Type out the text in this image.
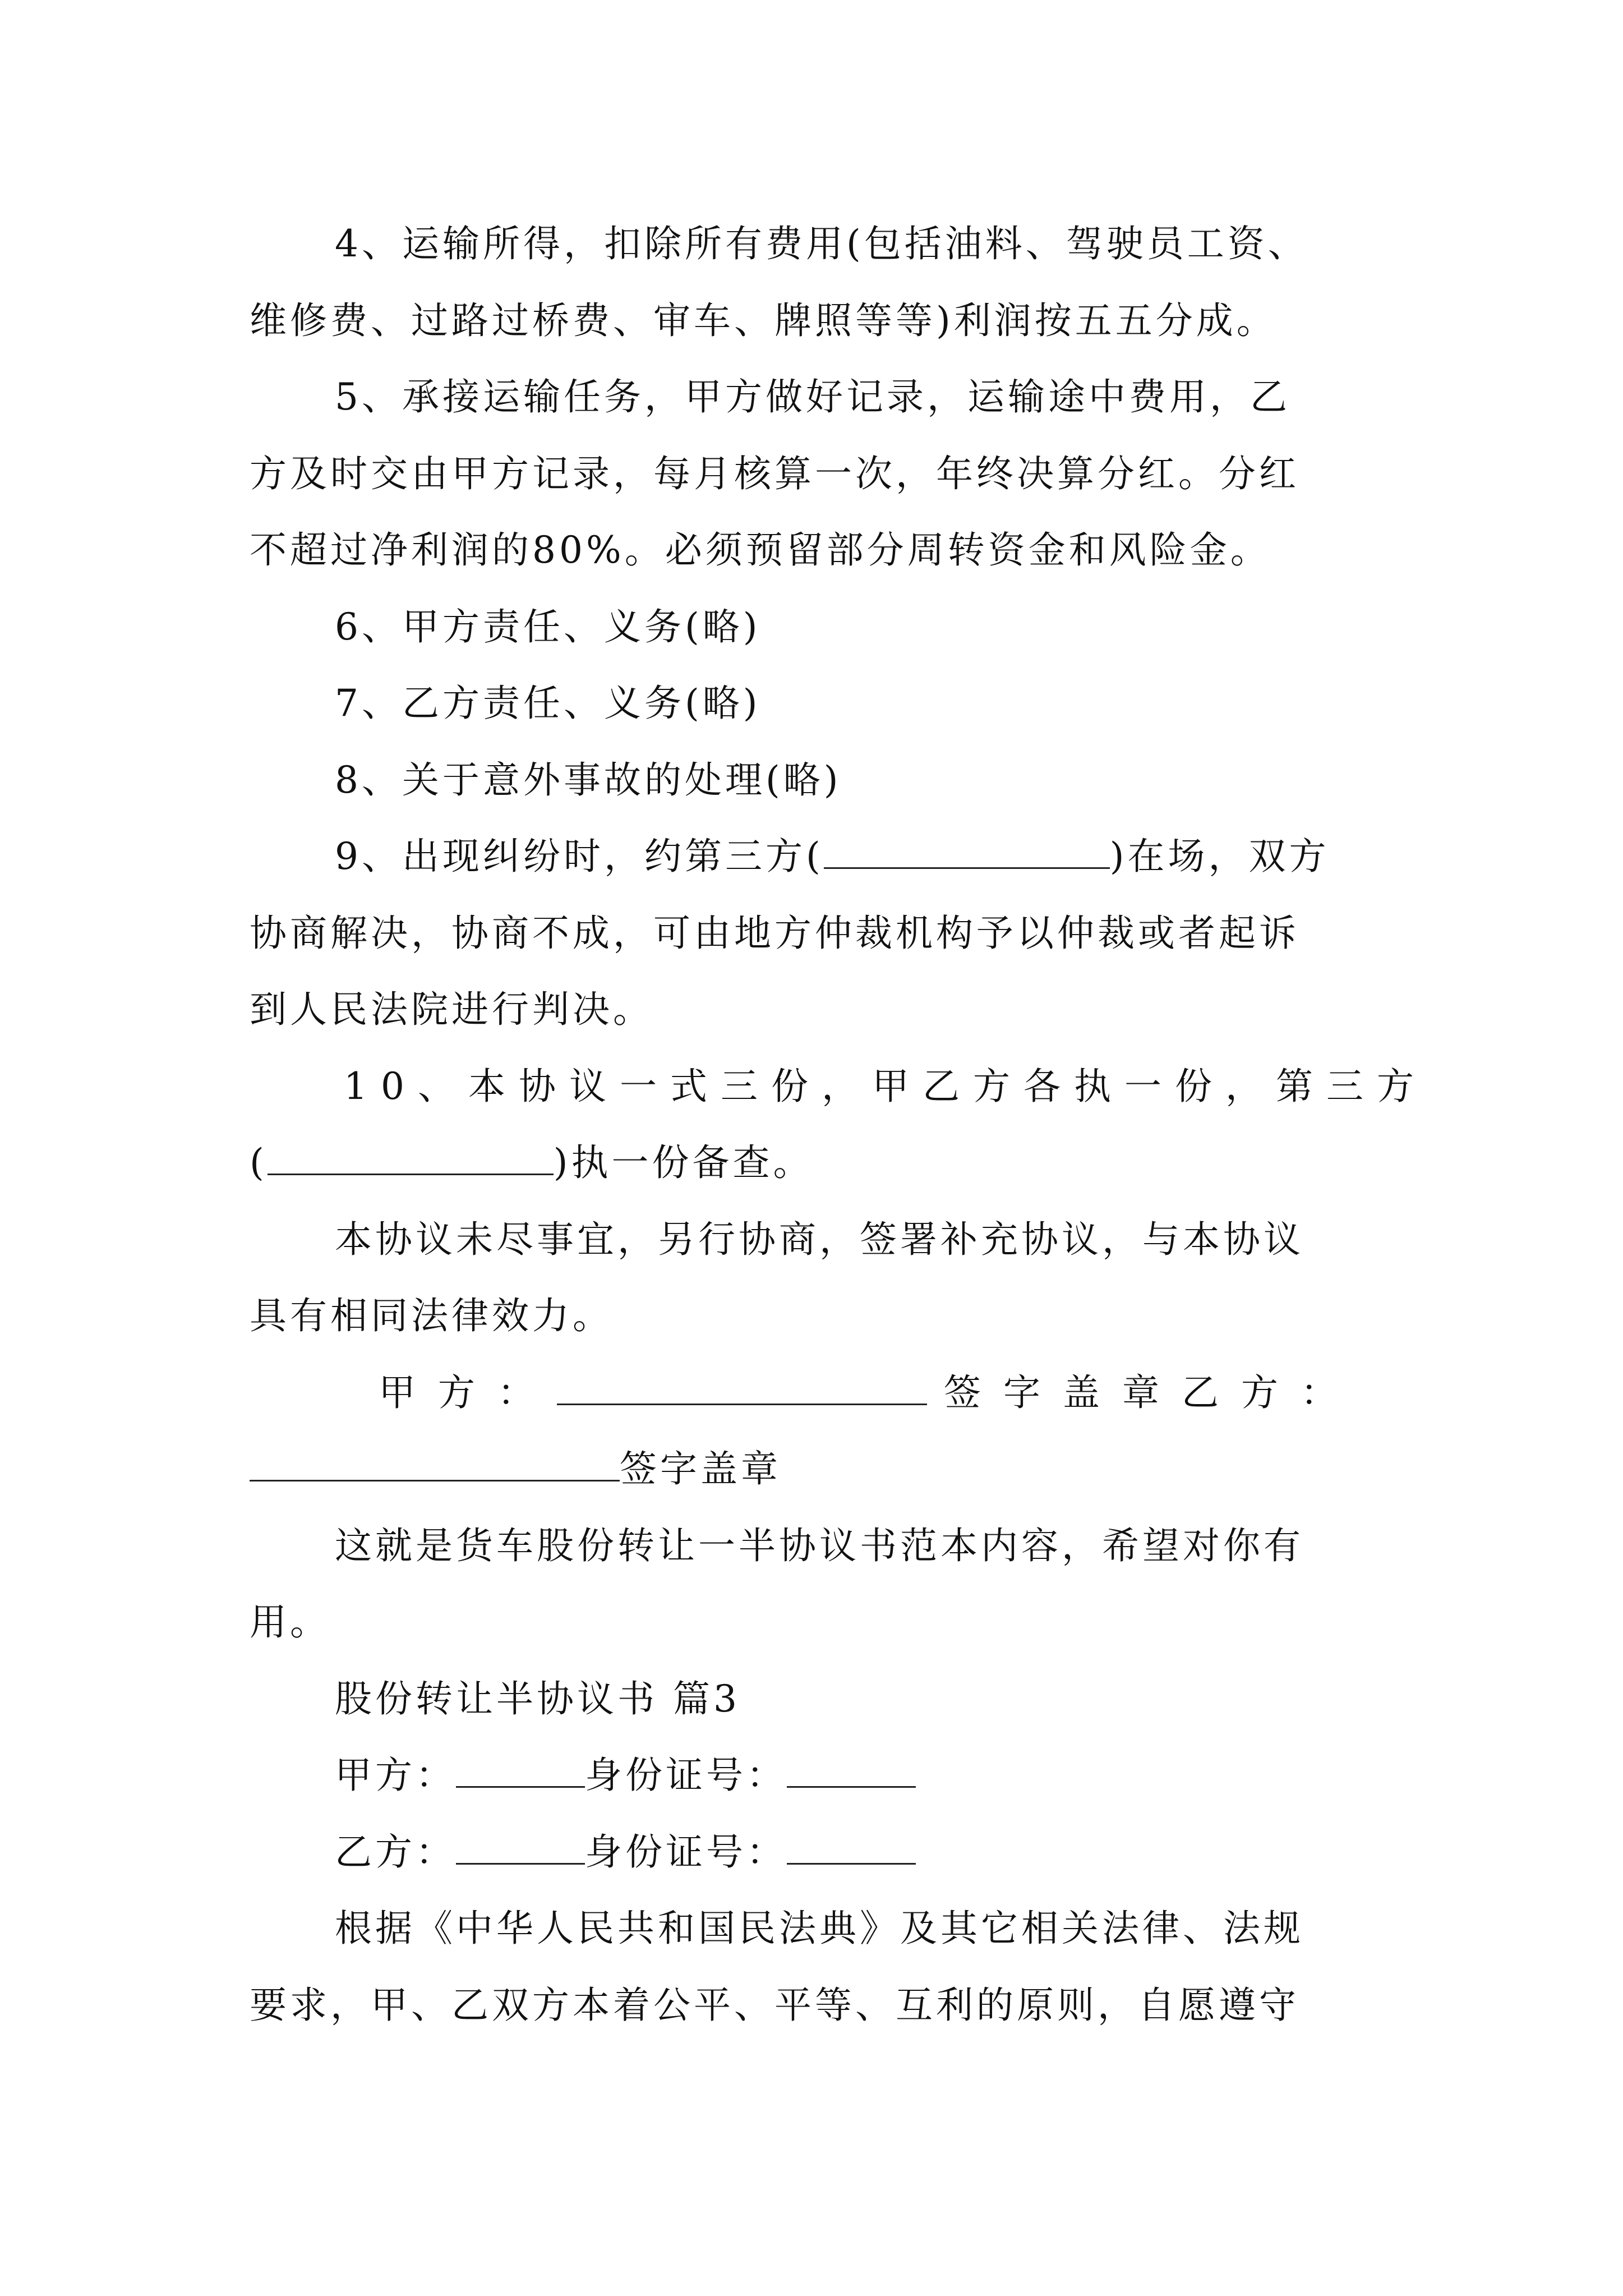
4、运输所得，扣除所有费用(包括油料、驾驶员工资、
维修费、过路过桥费、审车、牌照等等)利润按五五分成。
5、承接运输任务，甲方做好记录，运输途中费用，乙
方及时交由甲方记录，每月核算一次，年终决算分红。分红
不超过净利润的80%。必须预留部分周转资金和风险金。
6、甲方责任、义务(略)
7、乙方责任、义务(略)
8、关于意外事故的处理(略)
9、出现纠纷时，约第三方(	)在场，双方
协商解决，协商不成，可由地方仲裁机构予以仲裁或者起诉
到人民法院进行判决。
10、本协议一式三份，甲乙方各执一份，第三方
(	)执一份备查。
本协议未尽事宜，另行协商，签署补充协议，与本协议
具有相同法律效力。
甲方：	签字盖章乙方：
签字盖章
这就是货车股份转让一半协议书范本内容，希望对你有
用。
股份转让半协议书 篇3
甲方：	身份证号：
乙方：	身份证号：
根据《中华人民共和国民法典》及其它相关法律、法规
要求，甲、乙双方本着公平、平等、互利的原则，自愿遵守
